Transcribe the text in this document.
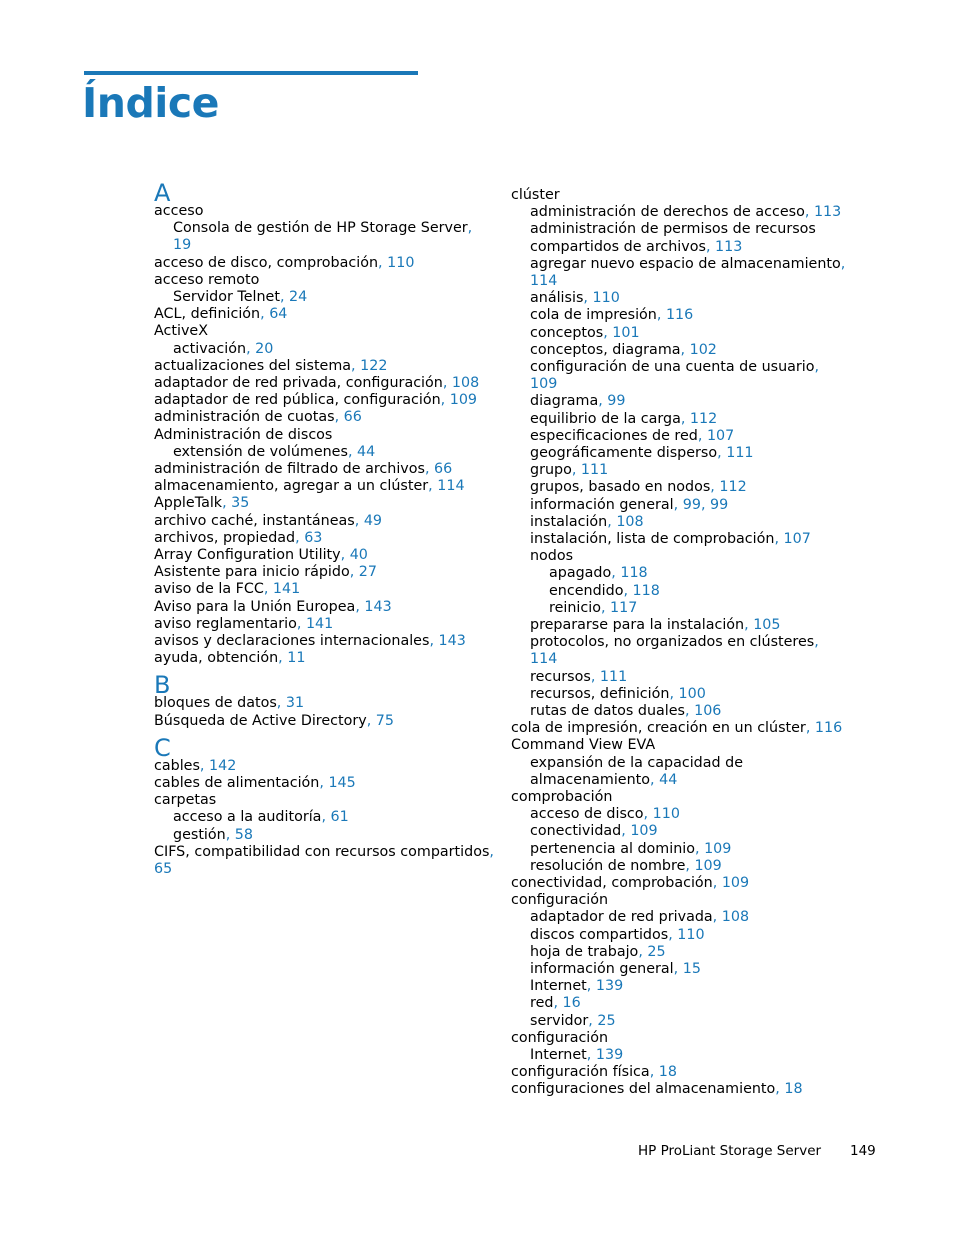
Índice
A
acceso
Consola de gestión de HP Storage Server,
19
acceso de disco, comprobación, 110
acceso remoto
Servidor Telnet, 24
ACL, definición, 64
ActiveX
activación, 20
actualizaciones del sistema, 122
adaptador de red privada, configuración, 108
adaptador de red pública, configuración, 109
administración de cuotas, 66
Administración de discos
extensión de volúmenes, 44
administración de filtrado de archivos, 66
almacenamiento, agregar a un clúster, 114
AppleTalk, 35
archivo caché, instantáneas, 49
archivos, propiedad, 63
Array Configuration Utility, 40
Asistente para inicio rápido, 27
aviso de la FCC, 141
Aviso para la Unión Europea, 143
aviso reglamentario, 141
avisos y declaraciones internacionales, 143
ayuda, obtención, 11
B
bloques de datos, 31
Búsqueda de Active Directory, 75
C
cables, 142
cables de alimentación, 145
carpetas
acceso a la auditoría, 61
gestión, 58
CIFS, compatibilidad con recursos compartidos,
65
clúster
administración de derechos de acceso, 113
administración de permisos de recursos
compartidos de archivos, 113
agregar nuevo espacio de almacenamiento,
114
análisis, 110
cola de impresión, 116
conceptos, 101
conceptos, diagrama, 102
configuración de una cuenta de usuario,
109
diagrama, 99
equilibrio de la carga, 112
especificaciones de red, 107
geográficamente disperso, 111
grupo, 111
grupos, basado en nodos, 112
información general, 99, 99
instalación, 108
instalación, lista de comprobación, 107
nodos
apagado, 118
encendido, 118
reinicio, 117
prepararse para la instalación, 105
protocolos, no organizados en clústeres,
114
recursos, 111
recursos, definición, 100
rutas de datos duales, 106
cola de impresión, creación en un clúster, 116
Command View EVA
expansión de la capacidad de
almacenamiento, 44
comprobación
acceso de disco, 110
conectividad, 109
pertenencia al dominio, 109
resolución de nombre, 109
conectividad, comprobación, 109
configuración
adaptador de red privada, 108
discos compartidos, 110
hoja de trabajo, 25
información general, 15
Internet, 139
red, 16
servidor, 25
configuración
Internet, 139
configuración física, 18
configuraciones del almacenamiento, 18
HP ProLiant Storage Server 149
